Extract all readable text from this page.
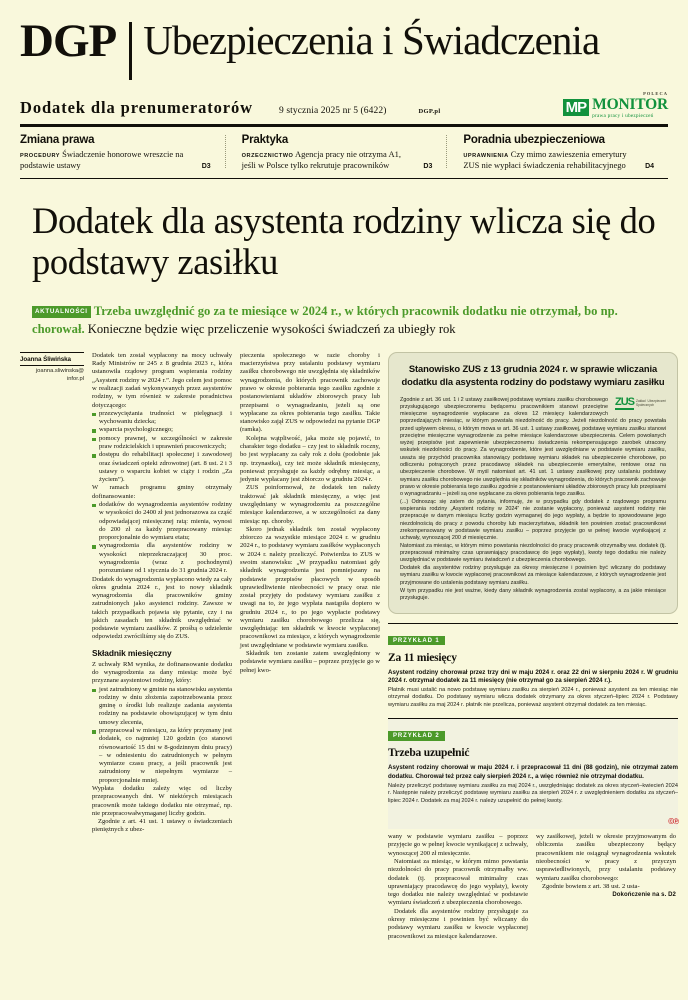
DGP Ubezpieczenia i Świadczenia
Dodatek dla prenumeratorów	9 stycznia 2025 nr 5 (6422)	DGP.pl
POLECA
MP MONITOR
prawa pracy i ubezpieczeń
Zmiana prawa

PROCEDURY Świadczenie honorowe wreszcie na podstawie ustawy	D3

Praktyka

ORZECZNICTWO Agencja pracy nie otrzyma A1, jeśli w Polsce tylko rekrutuje pracowników	D3

Poradnia ubezpieczeniowa

UPRAWNIENIA Czy mimo zawieszenia emerytury ZUS nie wypłaci świadczenia rehabilitacyjnego	D4

Dodatek dla asystenta rodziny wlicza się do podstawy zasiłku

AKTUALNOŚCI Trzeba uwzględnić go za te miesiące w 2024 r., w których pracownik dodatku nie otrzymał, bo np. chorował. Konieczne będzie więc przeliczenie wysokości świadczeń za ubiegły rok

Joanna Śliwińska
joanna.sliwinska@ infor.pl

Dodatek ten został wypłacony na mocy uchwały Rady Ministrów nr 245 z 8 grudnia 2023 r., która ustanowiła rządowy program wspierania rodziny „Asystent rodziny w 2024 r.”. Jego celem jest pomoc w realizacji zadań wykonywanych przez asystentów rodziny, w tym również w zakresie poradnictwa dotyczącego:

przezwyciężania trudności w pielęgnacji i wychowaniu dziecka;
wsparcia psychologicznego;
pomocy prawnej, w szczególności w zakresie praw rodzicielskich i uprawnień pracowniczych;
dostępu do rehabilitacji społecznej i zawodowej oraz świadczeń opieki zdrowotnej (art. 8 ust. 2 i 3 ustawy o wsparciu kobiet w ciąży i rodzin „Za życiem”).

W ramach programu gminy otrzymały dofinansowanie:

dodatków do wynagrodzenia asystentów rodziny w wysokości do 2400 zł jest jednorazowa za cząść odpowiadającej miesięcznej ratą: mienia, wynosi do 200 zł za każdy przepracowany miesiąc proporcjonalnie do wymiaru etatu;
wynagrodzenia dla asystentów rodziny w wysokości nieprzekraczającej 30 proc. wynagrodzenia (wraz z pochodnymi) porozumiane od 1 stycznia do 31 grudnia 2024 r.

Dodatek do wynagrodzenia wypłacono wtedy za cały okres grudnia 2024 r., jest to nowy składnik wynagrodzenia dla pracowników gminy zatrudnionych jako asystenci rodziny. Zawsze w takich przypadkach pojawia się pytanie, czy i na jakich zasadach ten składnik uwzględniać w podstawie wymiaru zasiłków. Z prośbą o udzielenie odpowiedzi zwróciliśmy się do ZUS.

Składnik miesięczny

Z uchwały RM wynika, że dofinansowanie dodatku do wynagrodzenia za dany miesiąc może być przyznane asystentowi rodziny, który:

jest zatrudniony w gminie na stanowisku asystenta rodziny w dniu złożenia zapotrzebowania przez gminę o środki lub realizuje zadania asystenta rodziny na podstawie obowiązującej w tym dniu umowy zlecenia,
przepracował w miesiącu, za który przyznany jest dodatek, co najmniej 120 godzin (co stanowi równowartość 15 dni w 8-godzinnym dniu pracy) – w odniesieniu do zatrudnionych w pełnym wymiarze czasu pracy, a jeśli pracownik jest zatrudniony w niepełnym wymiarze – proporcjonalnie mniej.

Wypłata dodatku zależy więc od liczby przepracowanych dni. W niektórych miesiącach pracownik może takiego dodatku nie otrzymać, np. nie przepracowałwymaganej liczby godzin.

Zgodnie z art. 41 ust. 1 ustawy o świadczeniach pieniężnych z ubez-

pieczenia społecznego w razie choroby i macierzyństwa przy ustalaniu podstawy wymiaru zasiłku chorobowego nie uwzględnia się składników wynagrodzenia, do których pracownik zachowuje prawo w okresie pobierania tego zasiłku zgodnie z postanowieniami układów zbiorowych pracy lub przepisami o wynagradzaniu, jeżeli są one wypłacane za okres pobierania tego zasiłku. Takie stanowisko zajął ZUS w odpowiedzi na pytanie DGP (ramka).

Kolejna wątpliwość, jaka może się pojawić, to charakter tego dodatku – czy jest to składnik roczny, bo jest wypłacany za cały rok z dołu (podobnie jak np. trzynastka), czy też może składnik miesięczny, ponieważ przysługuje za każdy odrębny miesiąc, a jedynie wypłacany jest zbiorczo w grudniu 2024 r.

ZUS poinformował, że dodatek ten należy traktować jak składnik miesięczny, a więc jest uwzględniany w wynagrodzeniu za poszczególne miesiące kalendarzowe, a w szczególności za dany miesiąc np. choroby.

Skoro jednak składnik ten został wypłacony zbiorczo za wszystkie miesiące 2024 r. w grudniu 2024 r., to podstawy wymiaru zasiłków wypłaconych w 2024 r. należy przeliczyć. Potwierdza to ZUS w swoim stanowisku: „W przypadku natomiast gdy składnik wynagrodzenia jest pomniejszany na podstawie przepisów płacowych w sposób uprawiedliwienie nieobecności w pracy oraz nie został przyjęty do podstawy wymiaru zasiłku z uwagi na to, że jego wypłata nastąpiła dopiero w grudniu 2024 r., to po jego wypłacie podstawy wymiaru zasiłku chorobowego przelicza się, uwzględniając ten składnik w kwocie wypłaconej pracownikowi za miesiące, z których wynagrodzenie jest uwzględniane w podstawie wymiaru zasiłku.

Składnik ten zostanie zatem uwzględniony w podstawie wymiaru zasiłku – poprzez przyjęcie go w pełnej kwo-

Stanowisko ZUS z 13 grudnia 2024 r. w sprawie wliczania dodatku dla asystenta rodziny do podstawy wymiaru zasiłku
ZUS Zakład Ubezpieczeń Społecznych

Zgodnie z art. 36 ust. 1 i 2 ustawy zasiłkowej podstawę wymiaru zasiłku chorobowego przysługującego ubezpieczonemu będącemu pracownikiem stanowi przeciętne miesięczne wynagrodzenie wypłacane za okres 12 miesięcy kalendarzowych poprzedzających miesiąc, w którym powstała niezdolność do pracy. Jeżeli niezdolność do pracy powstała przed upływem okresu, o którym mowa w art. 36 ust. 1 ustawy zasiłkowej, podstawę wymiaru zasiłku stanowi przeciętne miesięczne wynagrodzenie za pełne miesiące kalendarzowe ubezpieczenia. Celem powołanych wyżej przepisów jest zapewnienie ubezpieczonemu świadczenia rekompensującego zarobek utracony wskutek niezdolności do pracy. Za wynagrodzenie, które jest uwzględniane w podstawie wymiaru zasiłku, uważa się przychód pracownika stanowiący podstawę wymiaru składek na ubezpieczenie chorobowe, po odliczeniu potrąconych przez pracodawcę składek na ubezpieczenie emerytalne, rentowe oraz na ubezpieczenie chorobowe. W myśl natomiast art. 41 ust. 1 ustawy zasiłkowej przy ustalaniu podstawy wymiaru zasiłku chorobowego nie uwzględnia się składników wynagrodzenia, do których pracownik zachowuje prawo w okresie pobierania tego zasiłku zgodnie z postanowieniami układów zbiorowych pracy lub przepisami o wynagradzaniu – jeżeli są one wypłacane za okres pobierania tego zasiłku.

(...) Odnosząc się zatem do pytania, informuję, że w przypadku gdy dodatek z rządowego programu wspierania rodziny „Asystent rodziny w 2024” nie zostanie wypłacony, ponieważ asystent rodziny nie przepracuje w danym miesiącu liczby godzin wymaganej do jego wypłaty, a będzie to spowodowane jego niezdolnością do pracy z powodu choroby lub macierzyństwa, składnik ten powinien zostać pracownikowi zrekompensowany w podstawie wymiaru zasiłku – poprzez przyjęcie go w pełnej kwocie wynikającej z uchwały, wynoszącej 200 zł miesięcznie.

Natomiast za miesiąc, w którym mimo powstania niezdolności do pracy pracownik otrzymałby ww. dodatek (tj. przepracował minimalny czas uprawniający pracodawcę do jego wypłaty), kwoty tego dodatku nie należy uwzględniać w podstawie wymiaru świadczeń z ubezpieczenia chorobowego.

Dodatek dla asystentów rodziny przysługuje za okresy miesięczne i powinien być wliczany do podstawy wymiaru zasiłku w kwocie wypłaconej pracownikowi za miesiące kalendarzowe, z których wynagrodzenie jest przyjmowane do ustalenia podstawy wymiaru zasiłku.

W tym przypadku nie jest ważne, kiedy dany składnik wynagrodzenia został wypłacony, a za jakie miesiące przysługuje.

PRZYKŁAD 1
Za 11 miesięcy

Asystent rodziny chorował przez trzy dni w maju 2024 r. oraz 22 dni w sierpniu 2024 r. W grudniu 2024 r. otrzymał dodatek za 11 miesięcy (nie otrzymał go za sierpień 2024 r.).

Płatnik musi ustalić na nowo podstawę wymiaru zasiłku za sierpień 2024 r., ponieważ asystent za ten miesiąc nie otrzymał dodatku. Do podstawy wymiaru wlicza dodatek otrzymany za okres styczeń–lipiec 2024 r. Podstawy wymiaru zasiłku za maj 2024 r. płatnik nie przelicza, ponieważ asystent otrzymał dodatek za ten miesiąc.

PRZYKŁAD 2
Trzeba uzupełnić

Asystent rodziny chorował w maju 2024 r. i przepracował 11 dni (88 godzin), nie otrzymał zatem dodatku. Chorował też przez cały sierpień 2024 r., a więc również nie otrzymał dodatku.

Należy przeliczyć podstawę wymiaru zasiłku za maj 2024 r., uwzględniając dodatek za okres styczeń–kwiecień 2024 r. Następnie należy przeliczyć podstawę wymiaru zasiłku za sierpień 2024 r. z uwzględnieniem dodatku za styczeń–lipiec 2024 r. Dodatek za maj 2024 r. należy uzupełnić do pełnej kwoty.

©℗

wany w podstawie wymiaru zasiłku – poprzez przyjęcie go w pełnej kwocie wynikającej z uchwały, wynoszącej 200 zł miesięcznie.

Natomiast za miesiąc, w którym mimo powstania niezdolności do pracy pracownik otrzymałby ww. dodatek (tj. przepracował minimalny czas uprawniający pracodawcę do jego wypłaty), kwoty tego dodatku nie należy uwzględniać w podstawie wymiaru świadczeń z ubezpieczenia chorobowego.

Dodatek dla asystentów rodziny przysługuje za okresy miesięczne i powinien być wliczany do podstawy wymiaru zasiłku w kwocie wypłaconej pracownikowi za miesiące kalendarzowe.

wy zasiłkowej, jeżeli w okresie przyjmowanym do obliczenia zasiłku ubezpieczony będący pracownikiem nie osiągnął wynagrodzenia wskutek nieobecności w pracy z przyczyn usprawiedliwionych, przy ustalaniu podstawy wymiaru zasiłku chorobowego:

Zgodnie bowiem z art. 38 ust. 2 usta-

Dokończenie na s. D2
